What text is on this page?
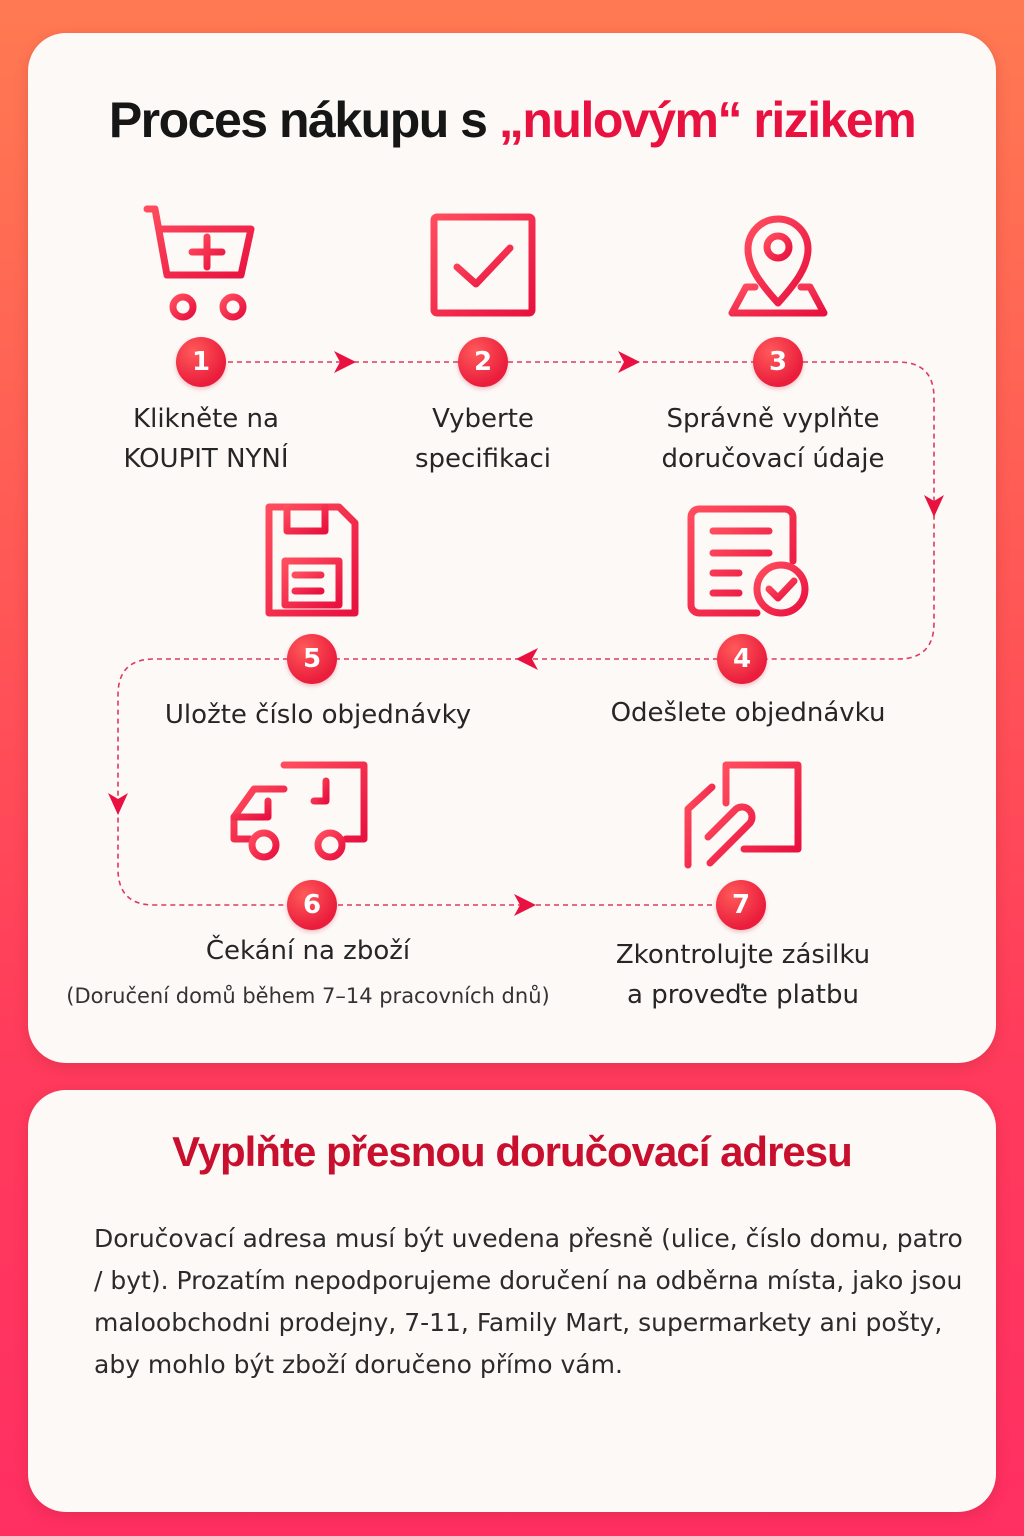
Proces nákupu s „nulovým“ rizikem
1	2	3
4
5
6	7
Klikněte na
KOUPIT NYNÍ
Vyberte
specifikaci
Správně vyplňte
doručovací údaje
Odešlete objednávku
Uložte číslo objednávky
Čekání na zboží
(Doručení domů během 7–14 pracovních dnů)
Zkontrolujte zásilku
a proveďte platbu
Vyplňte přesnou doručovací adresu

Doručovací adresa musí být uvedena přesně (ulice, číslo domu, patro / byt). Prozatím nepodporujeme doručení na odběrna místa, jako jsou maloobchodni prodejny, 7-11, Family Mart, supermarkety ani pošty, aby mohlo být zboží doručeno přímo vám.
